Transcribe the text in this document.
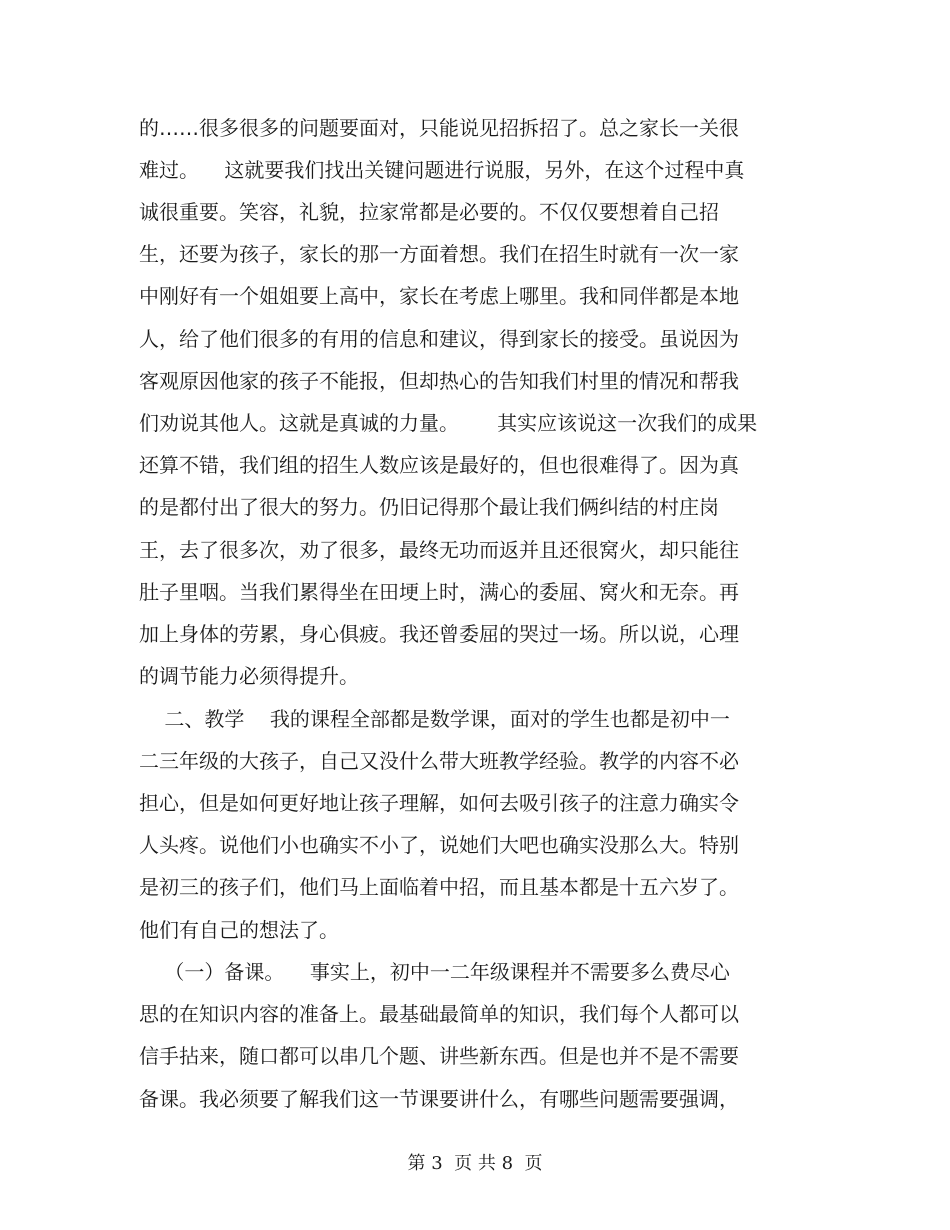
的……很多很多的问题要面对，只能说见招拆招了。总之家长一关很
难过。    这就要我们找出关键问题进行说服，另外，在这个过程中真
诚很重要。笑容，礼貌，拉家常都是必要的。不仅仅要想着自己招
生，还要为孩子，家长的那一方面着想。我们在招生时就有一次一家
中刚好有一个姐姐要上高中，家长在考虑上哪里。我和同伴都是本地
人，给了他们很多的有用的信息和建议，得到家长的接受。虽说因为
客观原因他家的孩子不能报，但却热心的告知我们村里的情况和帮我
们劝说其他人。这就是真诚的力量。      其实应该说这一次我们的成果
还算不错，我们组的招生人数应该是最好的，但也很难得了。因为真
的是都付出了很大的努力。仍旧记得那个最让我们俩纠结的村庄岗
王，去了很多次，劝了很多，最终无功而返并且还很窝火，却只能往
肚子里咽。当我们累得坐在田埂上时，满心的委屈、窝火和无奈。再
加上身体的劳累，身心俱疲。我还曾委屈的哭过一场。所以说，心理
的调节能力必须得提升。
二、教学    我的课程全部都是数学课，面对的学生也都是初中一
二三年级的大孩子，自己又没什么带大班教学经验。教学的内容不必
担心，但是如何更好地让孩子理解，如何去吸引孩子的注意力确实令
人头疼。说他们小也确实不小了，说她们大吧也确实没那么大。特别
是初三的孩子们，他们马上面临着中招，而且基本都是十五六岁了。
他们有自己的想法了。
（一）备课。    事实上，初中一二年级课程并不需要多么费尽心
思的在知识内容的准备上。最基础最简单的知识，我们每个人都可以
信手拈来，随口都可以串几个题、讲些新东西。但是也并不是不需要
备课。我必须要了解我们这一节课要讲什么，有哪些问题需要强调，
第 3  页 共 8  页
